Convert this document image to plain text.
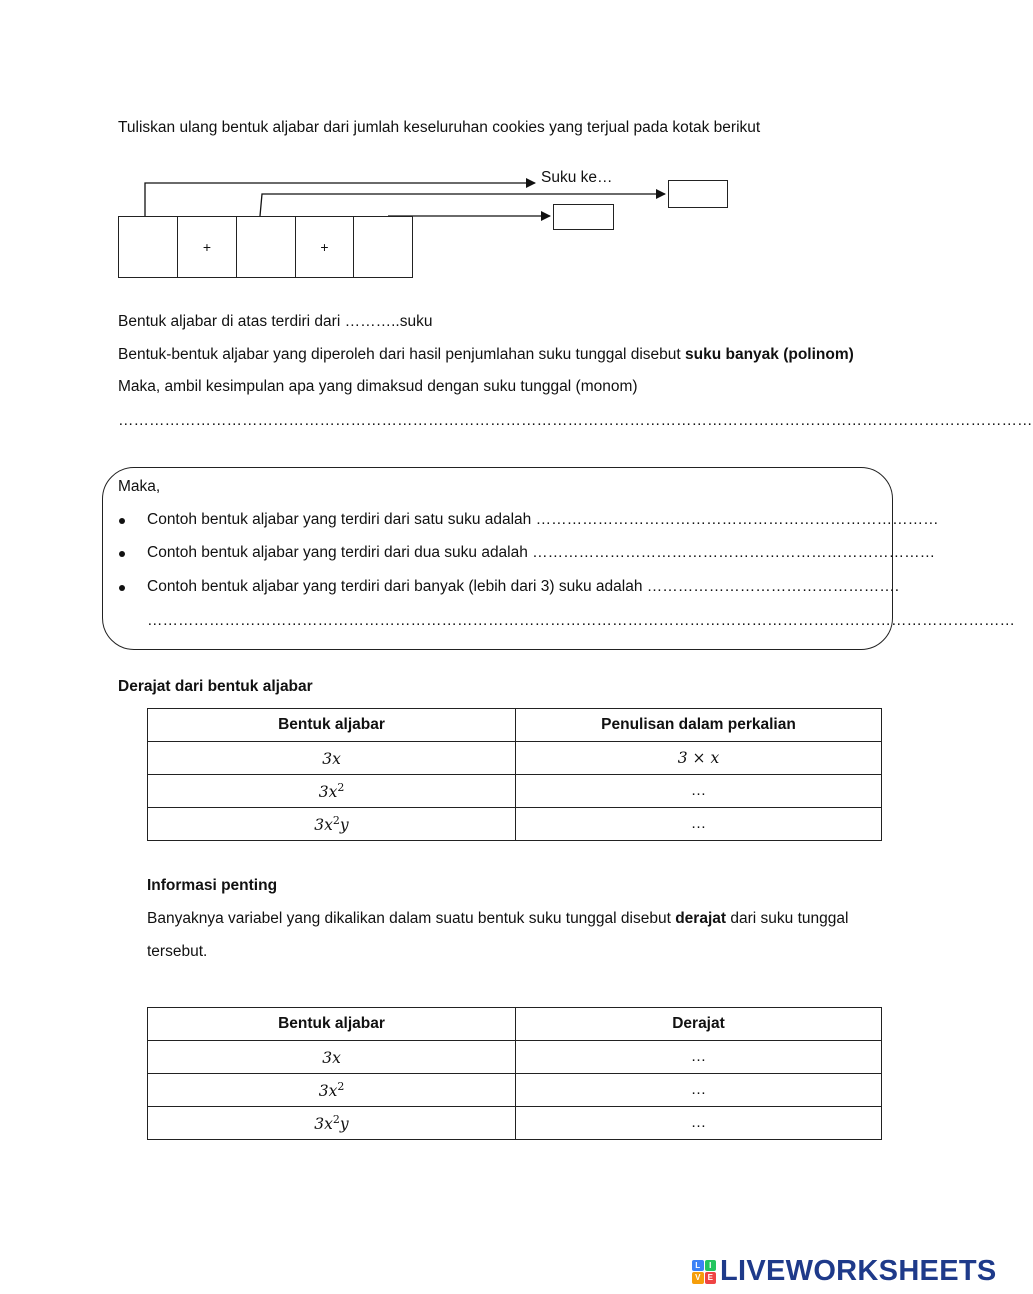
Tuliskan ulang bentuk aljabar dari jumlah keseluruhan cookies yang terjual pada kotak berikut
Suku ke…
+	+
Bentuk aljabar di atas terdiri dari ………..suku
Bentuk-bentuk aljabar yang diperoleh dari hasil penjumlahan suku tunggal disebut suku banyak (polinom)
Maka, ambil kesimpulan apa yang dimaksud dengan suku tunggal (monom)
……………………………………………………………………………………………………………………………………………………………
Maka,
Contoh bentuk aljabar yang terdiri dari satu suku adalah ……………………………………………………………………
Contoh bentuk aljabar yang terdiri dari dua suku adalah ……………………………………………………………………
Contoh bentuk aljabar yang terdiri dari banyak (lebih dari 3) suku adalah ………………………………………….
……………………………………………………………………………………………………………………………………………………
Derajat dari bentuk aljabar
Bentuk aljabar	Penulisan dalam perkalian
3x	3 × x
$3x^2$	…
$3x^2y$	…
Informasi penting
Banyaknya variabel yang dikalikan dalam suatu bentuk suku tunggal disebut derajat dari suku tunggal
tersebut.
Bentuk aljabar	Derajat
3x	…
$3x^2$	…
$3x^2y$	…
L	I
V E LIVEWORKSHEETS
